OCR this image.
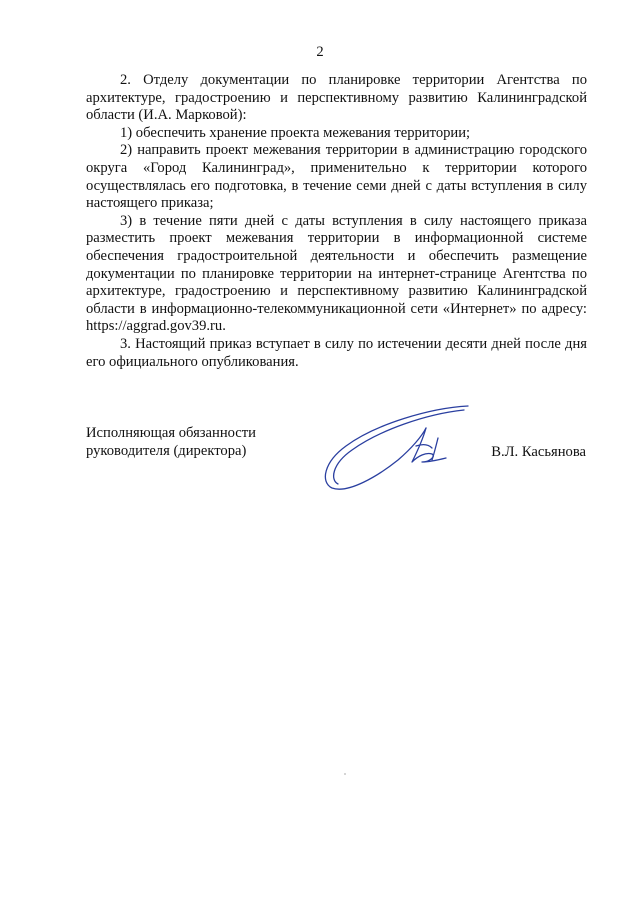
2

2. Отделу документации по планировке территории Агентства по архитектуре, градостроению и перспективному развитию Калининградской области (И.А. Марковой):

1) обеспечить хранение проекта межевания территории;

2) направить проект межевания территории в администрацию городского округа «Город Калининград», применительно к территории которого осуществлялась его подготовка, в течение семи дней с даты вступления в силу настоящего приказа;

3) в течение пяти дней с даты вступления в силу настоящего приказа разместить проект межевания территории в информационной системе обеспечения градостроительной деятельности и обеспечить размещение документации по планировке территории на интернет-странице Агентства по архитектуре, градостроению и перспективному развитию Калининградской области в информационно-телекоммуникационной сети «Интернет» по адресу: https://aggrad.gov39.ru.

3. Настоящий приказ вступает в силу по истечении десяти дней после дня его официального опубликования.

Исполняющая обязанности
руководителя (директора)	В.Л. Касьянова
